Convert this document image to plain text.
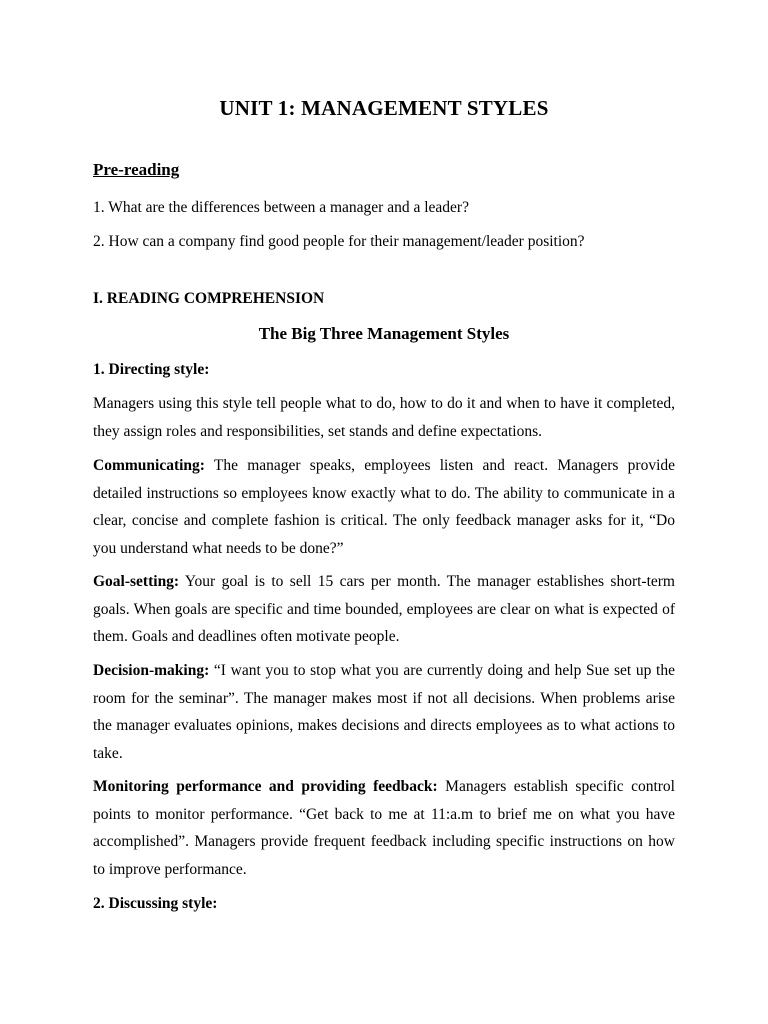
UNIT 1: MANAGEMENT STYLES
Pre-reading
1. What are the differences between a manager and a leader?
2. How can a company find good people for their management/leader position?
I. READING COMPREHENSION
The Big Three Management Styles
1. Directing style:
Managers using this style tell people what to do, how to do it and when to have it completed, they assign roles and responsibilities, set stands and define expectations.
Communicating: The manager speaks, employees listen and react. Managers provide detailed instructions so employees know exactly what to do. The ability to communicate in a clear, concise and complete fashion is critical. The only feedback manager asks for it, “Do you understand what needs to be done?”
Goal-setting: Your goal is to sell 15 cars per month. The manager establishes short-term goals. When goals are specific and time bounded, employees are clear on what is expected of them. Goals and deadlines often motivate people.
Decision-making: “I want you to stop what you are currently doing and help Sue set up the room for the seminar”. The manager makes most if not all decisions. When problems arise the manager evaluates opinions, makes decisions and directs employees as to what actions to take.
Monitoring performance and providing feedback: Managers establish specific control points to monitor performance. “Get back to me at 11:a.m to brief me on what you have accomplished”. Managers provide frequent feedback including specific instructions on how to improve performance.
2. Discussing style:
